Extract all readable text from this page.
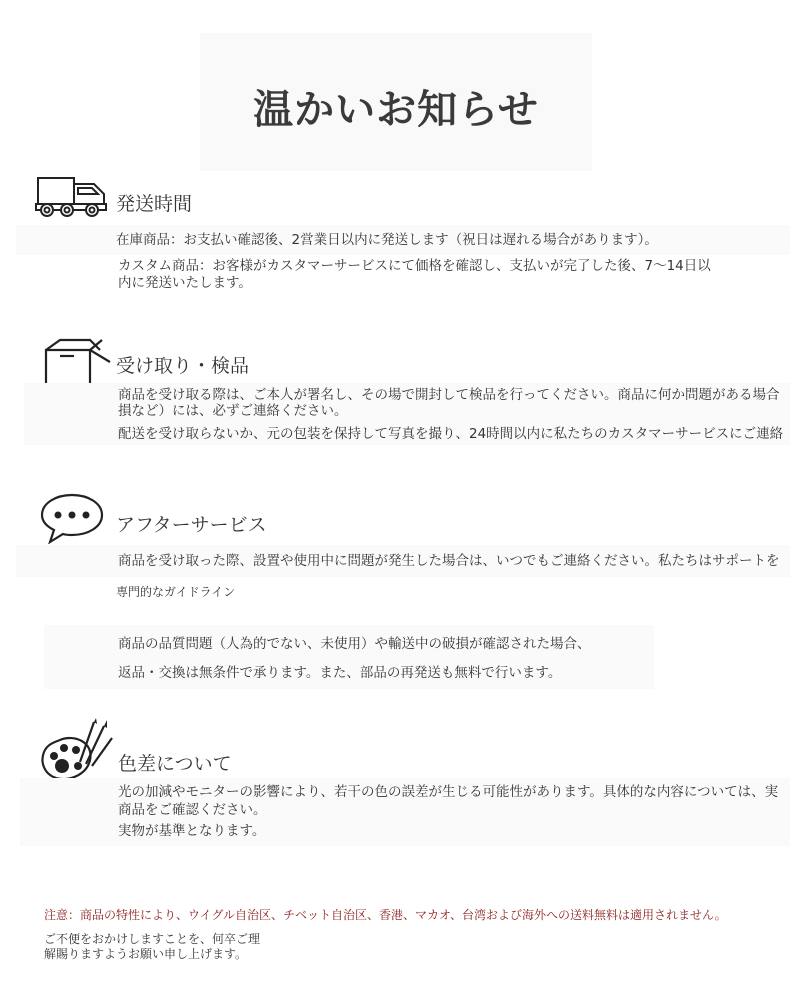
温かいお知らせ
発送時間
在庫商品：お支払い確認後、2営業日以内に発送します（祝日は遅れる場合があります）。
カスタム商品：お客様がカスタマーサービスにて価格を確認し、支払いが完了した後、7〜14日以
内に発送いたします。
受け取り・検品
商品を受け取る際は、ご本人が署名し、その場で開封して検品を行ってください。商品に何か問題がある場合
損など）には、必ずご連絡ください。
配送を受け取らないか、元の包装を保持して写真を撮り、24時間以内に私たちのカスタマーサービスにご連絡
アフターサービス
商品を受け取った際、設置や使用中に問題が発生した場合は、いつでもご連絡ください。私たちはサポートを
専門的なガイドライン
商品の品質問題（人為的でない、未使用）や輸送中の破損が確認された場合、
返品・交換は無条件で承ります。また、部品の再発送も無料で行います。
色差について
光の加減やモニターの影響により、若干の色の誤差が生じる可能性があります。具体的な内容については、実
商品をご確認ください。
実物が基準となります。
注意：商品の特性により、ウイグル自治区、チベット自治区、香港、マカオ、台湾および海外への送料無料は適用されません。
ご不便をおかけしますことを、何卒ご理
解賜りますようお願い申し上げます。
